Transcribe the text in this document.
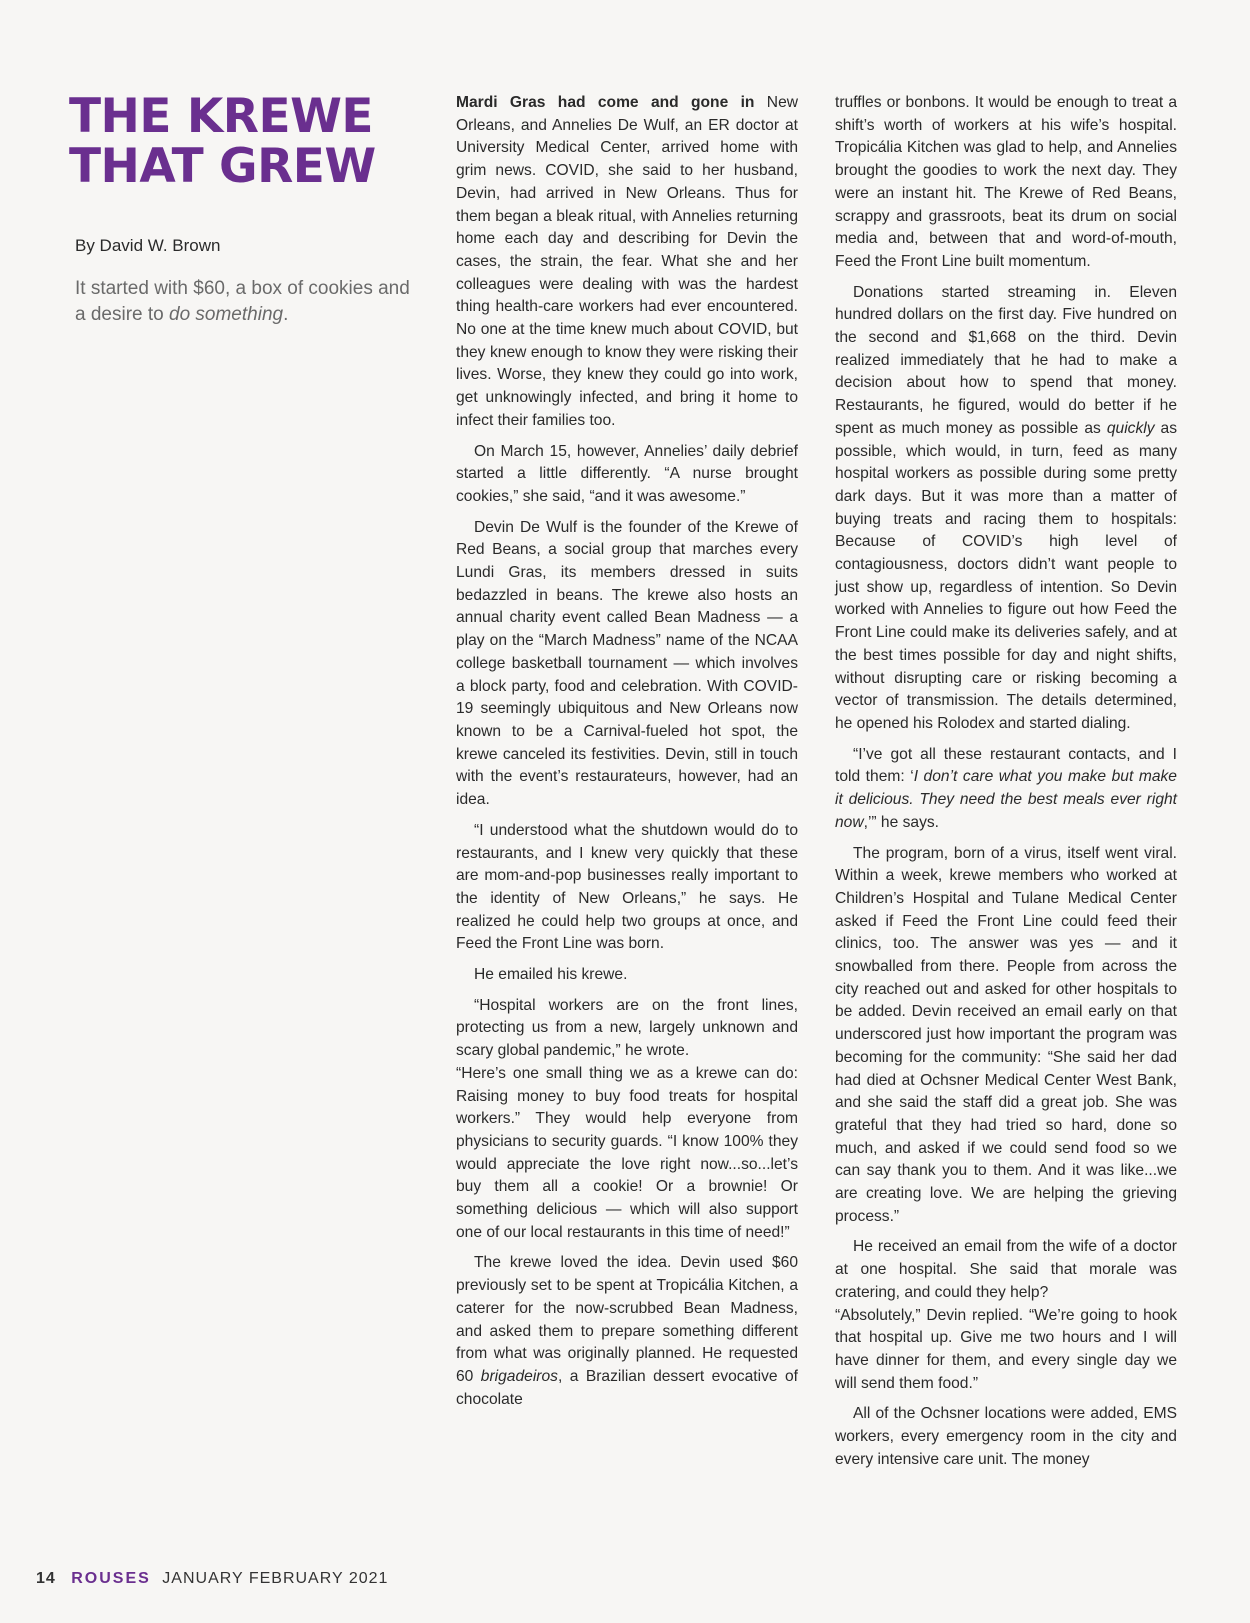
THE KREWE
THAT GREW
By David W. Brown

It started with $60, a box of cookies and a desire to do something.

Mardi Gras had come and gone in New Orleans, and Annelies De Wulf, an ER doctor at University Medical Center, arrived home with grim news. COVID, she said to her husband, Devin, had arrived in New Orleans. Thus for them began a bleak ritual, with Annelies returning home each day and describing for Devin the cases, the strain, the fear. What she and her colleagues were dealing with was the hardest thing health-care workers had ever encountered. No one at the time knew much about COVID, but they knew enough to know they were risking their lives. Worse, they knew they could go into work, get unknowingly infected, and bring it home to infect their families too.

On March 15, however, Annelies’ daily debrief started a little differently. “A nurse brought cookies,” she said, “and it was awesome.”

Devin De Wulf is the founder of the Krewe of Red Beans, a social group that marches every Lundi Gras, its members dressed in suits bedazzled in beans. The krewe also hosts an annual charity event called Bean Madness — a play on the “March Madness” name of the NCAA college basketball tournament — which involves a block party, food and celebration. With COVID-19 seemingly ubiquitous and New Orleans now known to be a Carnival-fueled hot spot, the krewe canceled its festivities. Devin, still in touch with the event’s restaurateurs, however, had an idea.

“I understood what the shutdown would do to restaurants, and I knew very quickly that these are mom-and-pop businesses really important to the identity of New Orleans,” he says. He realized he could help two groups at once, and Feed the Front Line was born.

He emailed his krewe.

“Hospital workers are on the front lines, protecting us from a new, largely unknown and scary global pandemic,” he wrote.

“Here’s one small thing we as a krewe can do: Raising money to buy food treats for hospital workers.” They would help everyone from physicians to security guards. “I know 100% they would appreciate the love right now...so...let’s buy them all a cookie! Or a brownie! Or something delicious — which will also support one of our local restaurants in this time of need!”

The krewe loved the idea. Devin used $60 previously set to be spent at Tropicália Kitchen, a caterer for the now-scrubbed Bean Madness, and asked them to prepare something different from what was originally planned. He requested 60 brigadeiros, a Brazilian dessert evocative of chocolate

truffles or bonbons. It would be enough to treat a shift’s worth of workers at his wife’s hospital. Tropicália Kitchen was glad to help, and Annelies brought the goodies to work the next day. They were an instant hit. The Krewe of Red Beans, scrappy and grassroots, beat its drum on social media and, between that and word-of-mouth, Feed the Front Line built momentum.

Donations started streaming in. Eleven hundred dollars on the first day. Five hundred on the second and $1,668 on the third. Devin realized immediately that he had to make a decision about how to spend that money. Restaurants, he figured, would do better if he spent as much money as possible as quickly as possible, which would, in turn, feed as many hospital workers as possible during some pretty dark days. But it was more than a matter of buying treats and racing them to hospitals: Because of COVID’s high level of contagiousness, doctors didn’t want people to just show up, regardless of intention. So Devin worked with Annelies to figure out how Feed the Front Line could make its deliveries safely, and at the best times possible for day and night shifts, without disrupting care or risking becoming a vector of transmission. The details determined, he opened his Rolodex and started dialing.

“I’ve got all these restaurant contacts, and I told them: ‘I don’t care what you make but make it delicious. They need the best meals ever right now,’” he says.

The program, born of a virus, itself went viral. Within a week, krewe members who worked at Children’s Hospital and Tulane Medical Center asked if Feed the Front Line could feed their clinics, too. The answer was yes — and it snowballed from there. People from across the city reached out and asked for other hospitals to be added. Devin received an email early on that underscored just how important the program was becoming for the community: “She said her dad had died at Ochsner Medical Center West Bank, and she said the staff did a great job. She was grateful that they had tried so hard, done so much, and asked if we could send food so we can say thank you to them. And it was like...we are creating love. We are helping the grieving process.”

He received an email from the wife of a doctor at one hospital. She said that morale was cratering, and could they help?

“Absolutely,” Devin replied. “We’re going to hook that hospital up. Give me two hours and I will have dinner for them, and every single day we will send them food.”

All of the Ochsner locations were added, EMS workers, every emergency room in the city and every intensive care unit. The money

14 ROUSES JANUARY FEBRUARY 2021
